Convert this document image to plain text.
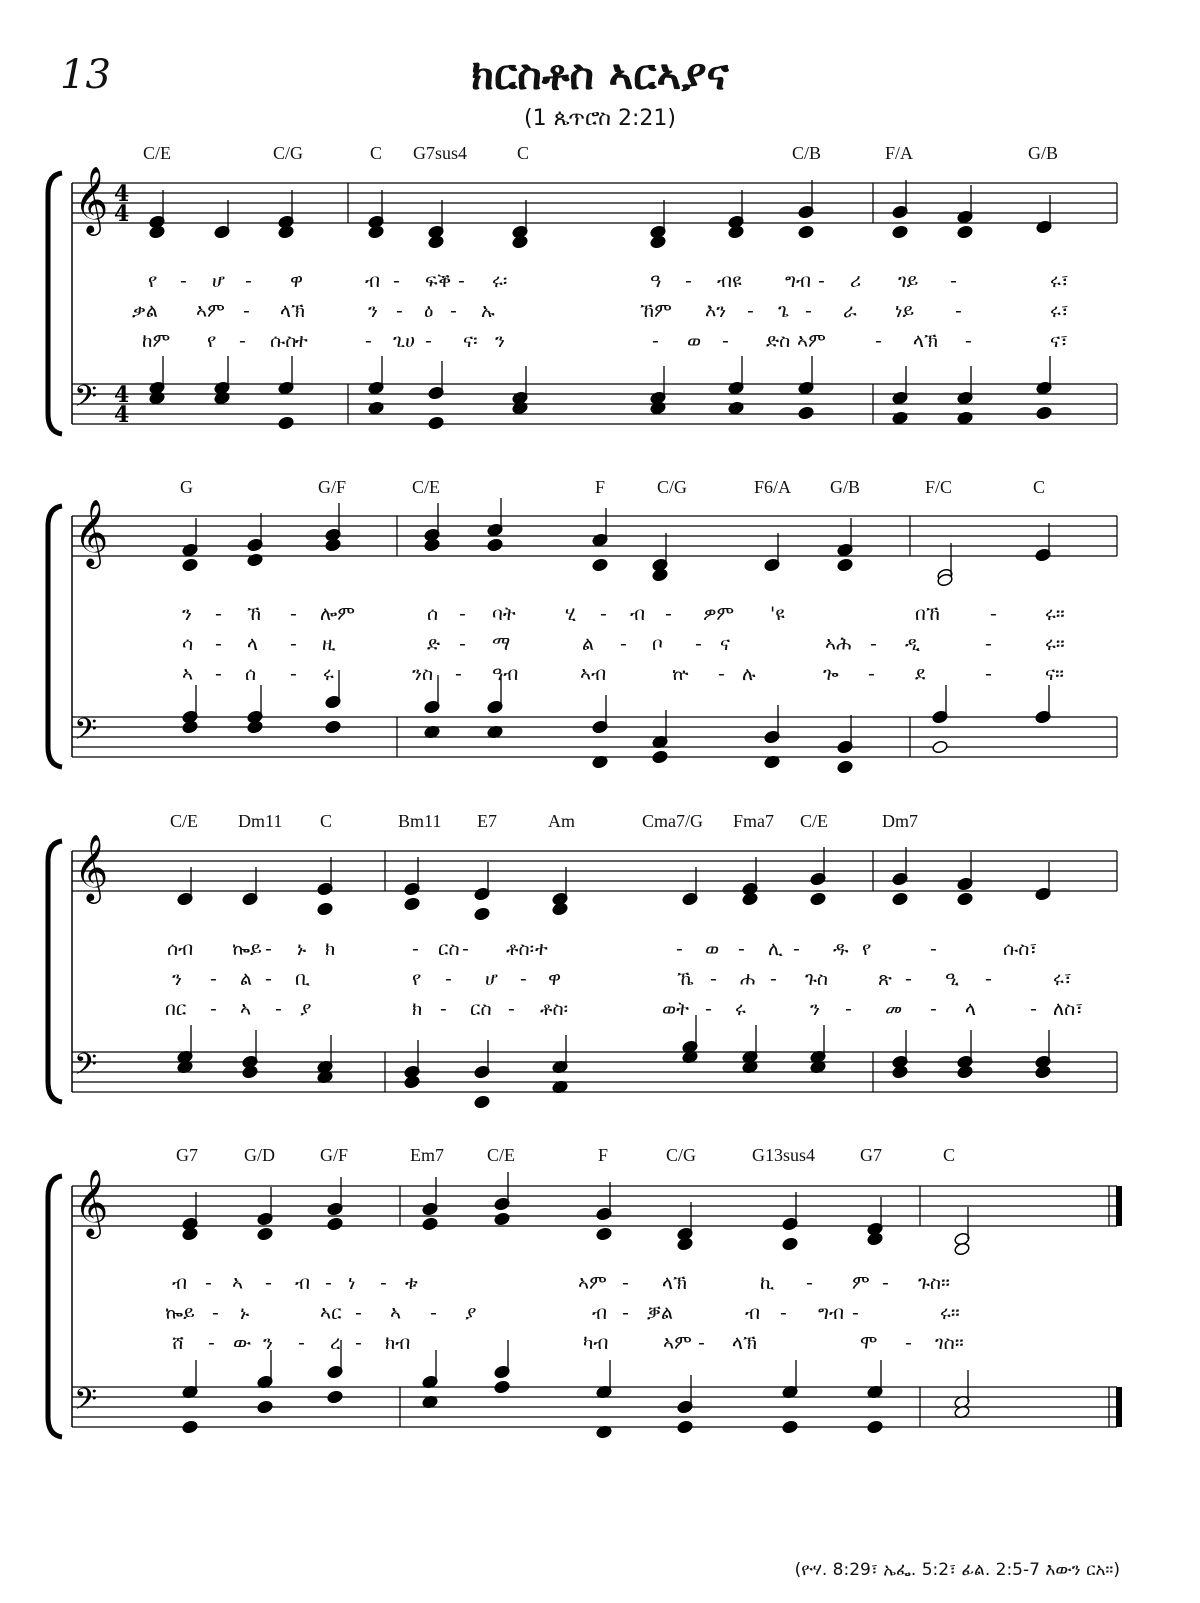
13	ክርስቶስ ኣርኣያና
(1 ጴጥሮስ 2:21)
𝄞 4
4
𝄢 4
4
𝄞
𝄢
𝄞
𝄢
𝄞
𝄢
C/E	C/G	C G7sus4	C	C/B	F/A	G/B
የ - ሆ - ዋ	ብ - ፍቕ - ሩ፡	ዓ - ብዩ ግብ - ሪ ገይ -	ሩ፣
ቃል ኣም - ላኽ	ን - ዕ - ኡ	ኸም እን - ጌ - ራ ነይ -	ሩ፣
ከም የ - ሱስ
ተ	- ጊሀ - ና፡ ን	- ወ - ድስ ኣም	- ላኽ -	ና፣
G	G/F	C/E	F	C/G	F6/A G/B	F/C	C
ን - ኸ - ሎም	ሰ - ባት	ሂ - ብ - ዎም 'ዩ	በኸ	-	ሩ።
ሳ - ላ - ዚ	ድ - ማ	ል - ቦ - ና	ኣሕ - ዲ	-	ሩ።
ኣ - ሰ - ሩ	ንስ - ዓብ	ኣብ	ኵ - ሉ	ጐ - ደ	-	ና።
C/E Dm11 C	Bm11 E7	Am	Cma7/G Fma7 C/E	Dm7
ሰብ ኰይ - ኑ ክ	- ርስ - ቶስ፡ ተ	- ወ - ሊ - ዱ የ	-	ሱስ፣
ን - ል - ቢ	የ - ሆ - ዋ	ኼ - ሐ - ጉስ	ጽ - ዒ -	ሩ፣
በር - ኣ - ያ	ክ - ርስ - ቶስ፡	ወት - ሩ	ን - መ - ላ	- ለስ፣
G7	G/D	G/F	Em7 C/E	F	C/G	G13sus4 G7	C
ብ - ኣ - ብ - ነ - ቱ	ኣም - ላኽ	ኪ - ም - ጉስ።
ኰይ - ኑ	ኣር - ኣ - ያ	ብ - ቓል	ብ - ግብ -	ሩ።
ሸ - ው ን - ረ - ክብ	ካብ	ኣም - ላኽ	ሞ - ገስ።
(ዮሃ. 8:29፣ ኤፌ. 5:2፣ ፊል. 2:5-7 እውን ርአ።)
